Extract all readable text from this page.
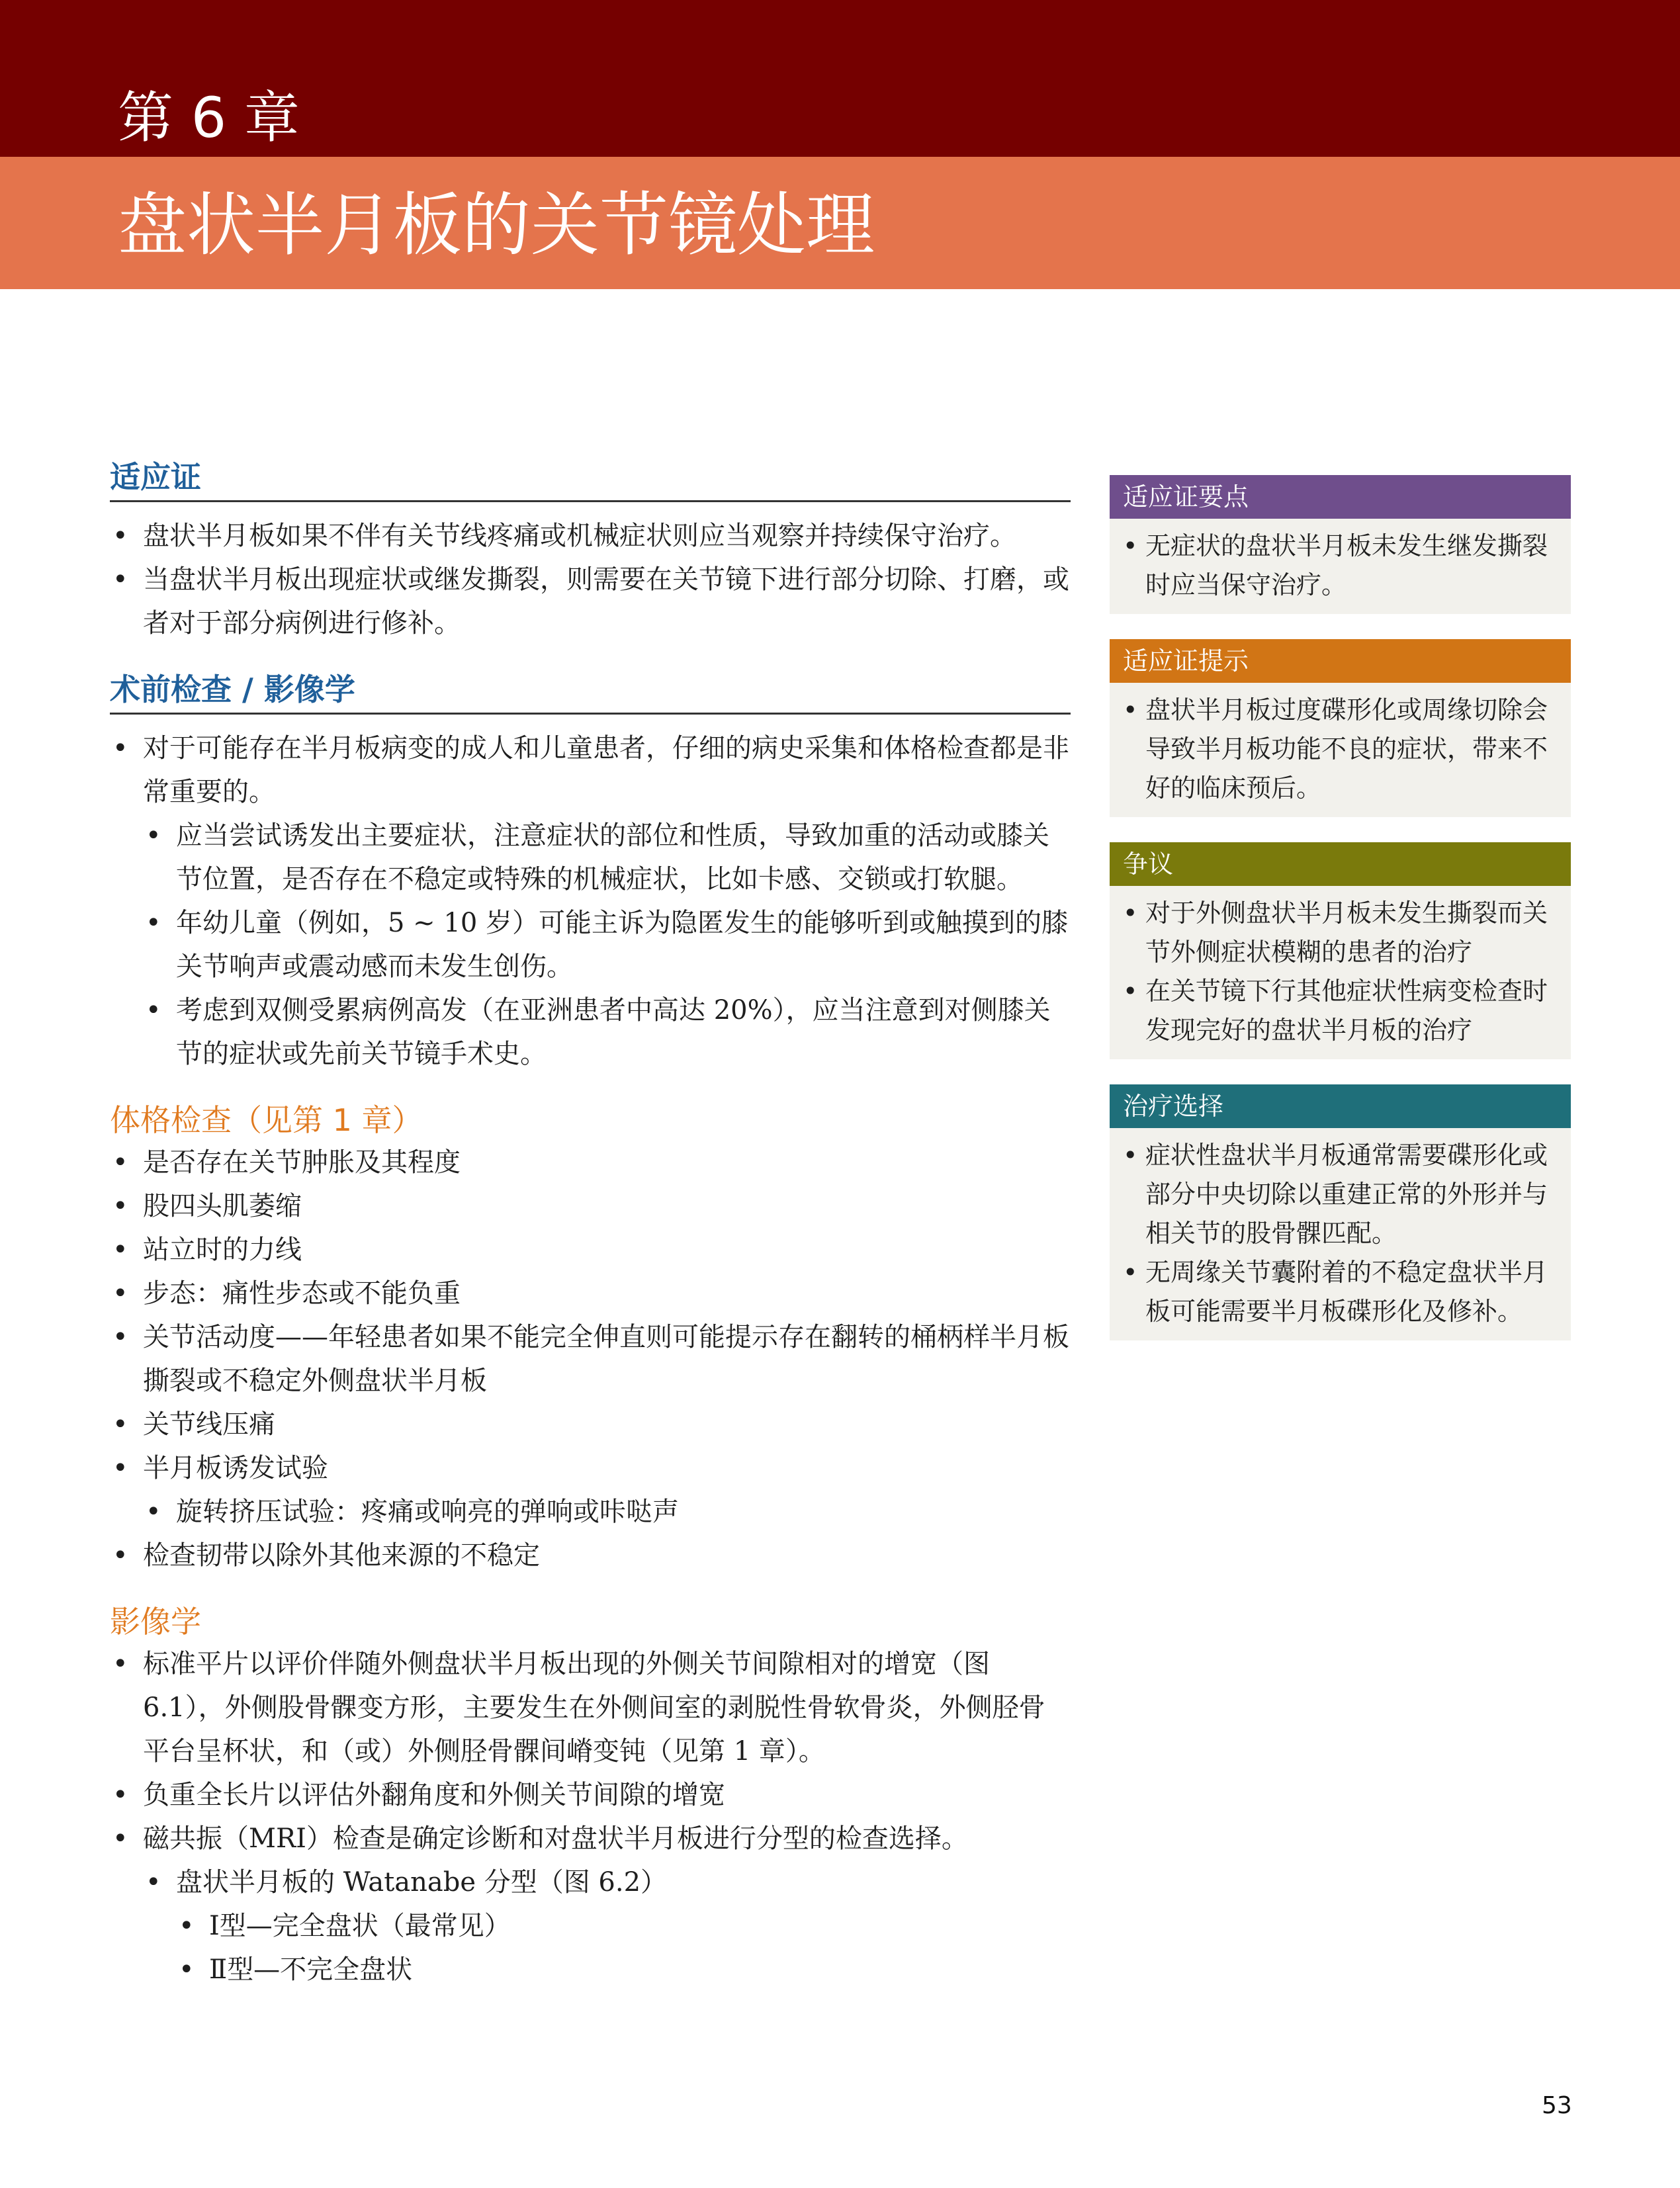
第 6 章
盘状半月板的关节镜处理
适应证
• 盘状半月板如果不伴有关节线疼痛或机械症状则应当观察并持续保守治疗。
• 当盘状半月板出现症状或继发撕裂，则需要在关节镜下进行部分切除、打磨，或者对于部分病例进行修补。
术前检查 / 影像学
• 对于可能存在半月板病变的成人和儿童患者，仔细的病史采集和体格检查都是非常重要的。
• 应当尝试诱发出主要症状，注意症状的部位和性质，导致加重的活动或膝关节位置，是否存在不稳定或特殊的机械症状，比如卡感、交锁或打软腿。
• 年幼儿童（例如，5 ~ 10 岁）可能主诉为隐匿发生的能够听到或触摸到的膝关节响声或震动感而未发生创伤。
• 考虑到双侧受累病例高发（在亚洲患者中高达 20%），应当注意到对侧膝关节的症状或先前关节镜手术史。
体格检查（见第 1 章）
• 是否存在关节肿胀及其程度
• 股四头肌萎缩
• 站立时的力线
• 步态：痛性步态或不能负重
• 关节活动度——年轻患者如果不能完全伸直则可能提示存在翻转的桶柄样半月板撕裂或不稳定外侧盘状半月板
• 关节线压痛
• 半月板诱发试验
• 旋转挤压试验：疼痛或响亮的弹响或咔哒声
• 检查韧带以除外其他来源的不稳定
影像学
• 标准平片以评价伴随外侧盘状半月板出现的外侧关节间隙相对的增宽（图 6.1），外侧股骨髁变方形，主要发生在外侧间室的剥脱性骨软骨炎，外侧胫骨平台呈杯状，和（或）外侧胫骨髁间嵴变钝（见第 1 章）。
• 负重全长片以评估外翻角度和外侧关节间隙的增宽
• 磁共振（MRI）检查是确定诊断和对盘状半月板进行分型的检查选择。
• 盘状半月板的 Watanabe 分型（图 6.2）
• Ⅰ型—完全盘状（最常见）
• Ⅱ型—不完全盘状
适应证要点
• 无症状的盘状半月板未发生继发撕裂时应当保守治疗。
适应证提示
• 盘状半月板过度碟形化或周缘切除会导致半月板功能不良的症状，带来不好的临床预后。
争议
• 对于外侧盘状半月板未发生撕裂而关节外侧症状模糊的患者的治疗
• 在关节镜下行其他症状性病变检查时发现完好的盘状半月板的治疗
治疗选择
• 症状性盘状半月板通常需要碟形化或部分中央切除以重建正常的外形并与相关节的股骨髁匹配。
• 无周缘关节囊附着的不稳定盘状半月板可能需要半月板碟形化及修补。
53
